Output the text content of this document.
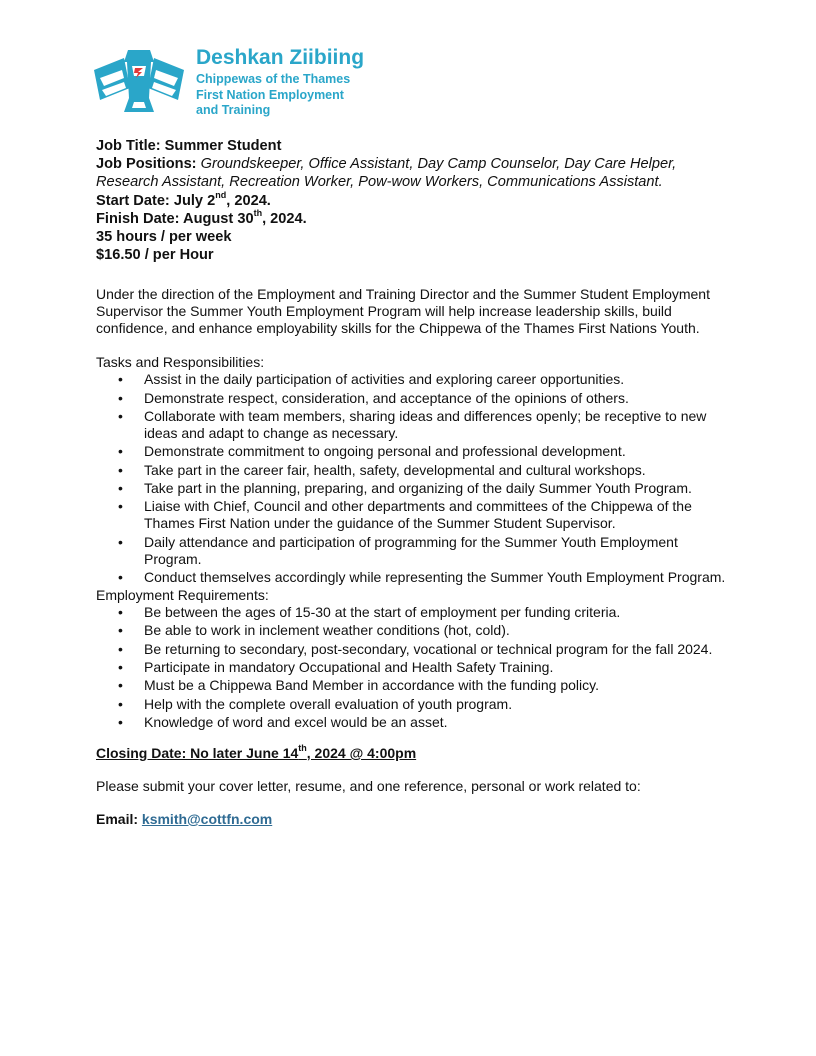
Deshkan Ziibiing
Chippewas of the Thames
First Nation Employment
and Training
Job Title: Summer Student
Job Positions: Groundskeeper, Office Assistant, Day Camp Counselor, Day Care Helper, Research Assistant, Recreation Worker, Pow-wow Workers, Communications Assistant.
Start Date: July 2nd, 2024.
Finish Date: August 30th, 2024.
35 hours / per week
$16.50 / per Hour
Under the direction of the Employment and Training Director and the Summer Student Employment Supervisor the Summer Youth Employment Program will help increase leadership skills, build confidence, and enhance employability skills for the Chippewa of the Thames First Nations Youth.
Tasks and Responsibilities:
• Assist in the daily participation of activities and exploring career opportunities.
• Demonstrate respect, consideration, and acceptance of the opinions of others.
• Collaborate with team members, sharing ideas and differences openly; be receptive to new ideas and adapt to change as necessary.
• Demonstrate commitment to ongoing personal and professional development.
• Take part in the career fair, health, safety, developmental and cultural workshops.
• Take part in the planning, preparing, and organizing of the daily Summer Youth Program.
• Liaise with Chief, Council and other departments and committees of the Chippewa of the Thames First Nation under the guidance of the Summer Student Supervisor.
• Daily attendance and participation of programming for the Summer Youth Employment Program.
• Conduct themselves accordingly while representing the Summer Youth Employment Program.
Employment Requirements:
• Be between the ages of 15-30 at the start of employment per funding criteria.
• Be able to work in inclement weather conditions (hot, cold).
• Be returning to secondary, post-secondary, vocational or technical program for the fall 2024.
• Participate in mandatory Occupational and Health Safety Training.
• Must be a Chippewa Band Member in accordance with the funding policy.
• Help with the complete overall evaluation of youth program.
• Knowledge of word and excel would be an asset.
Closing Date: No later June 14th, 2024 @ 4:00pm
Please submit your cover letter, resume, and one reference, personal or work related to:
Email: ksmith@cottfn.com
